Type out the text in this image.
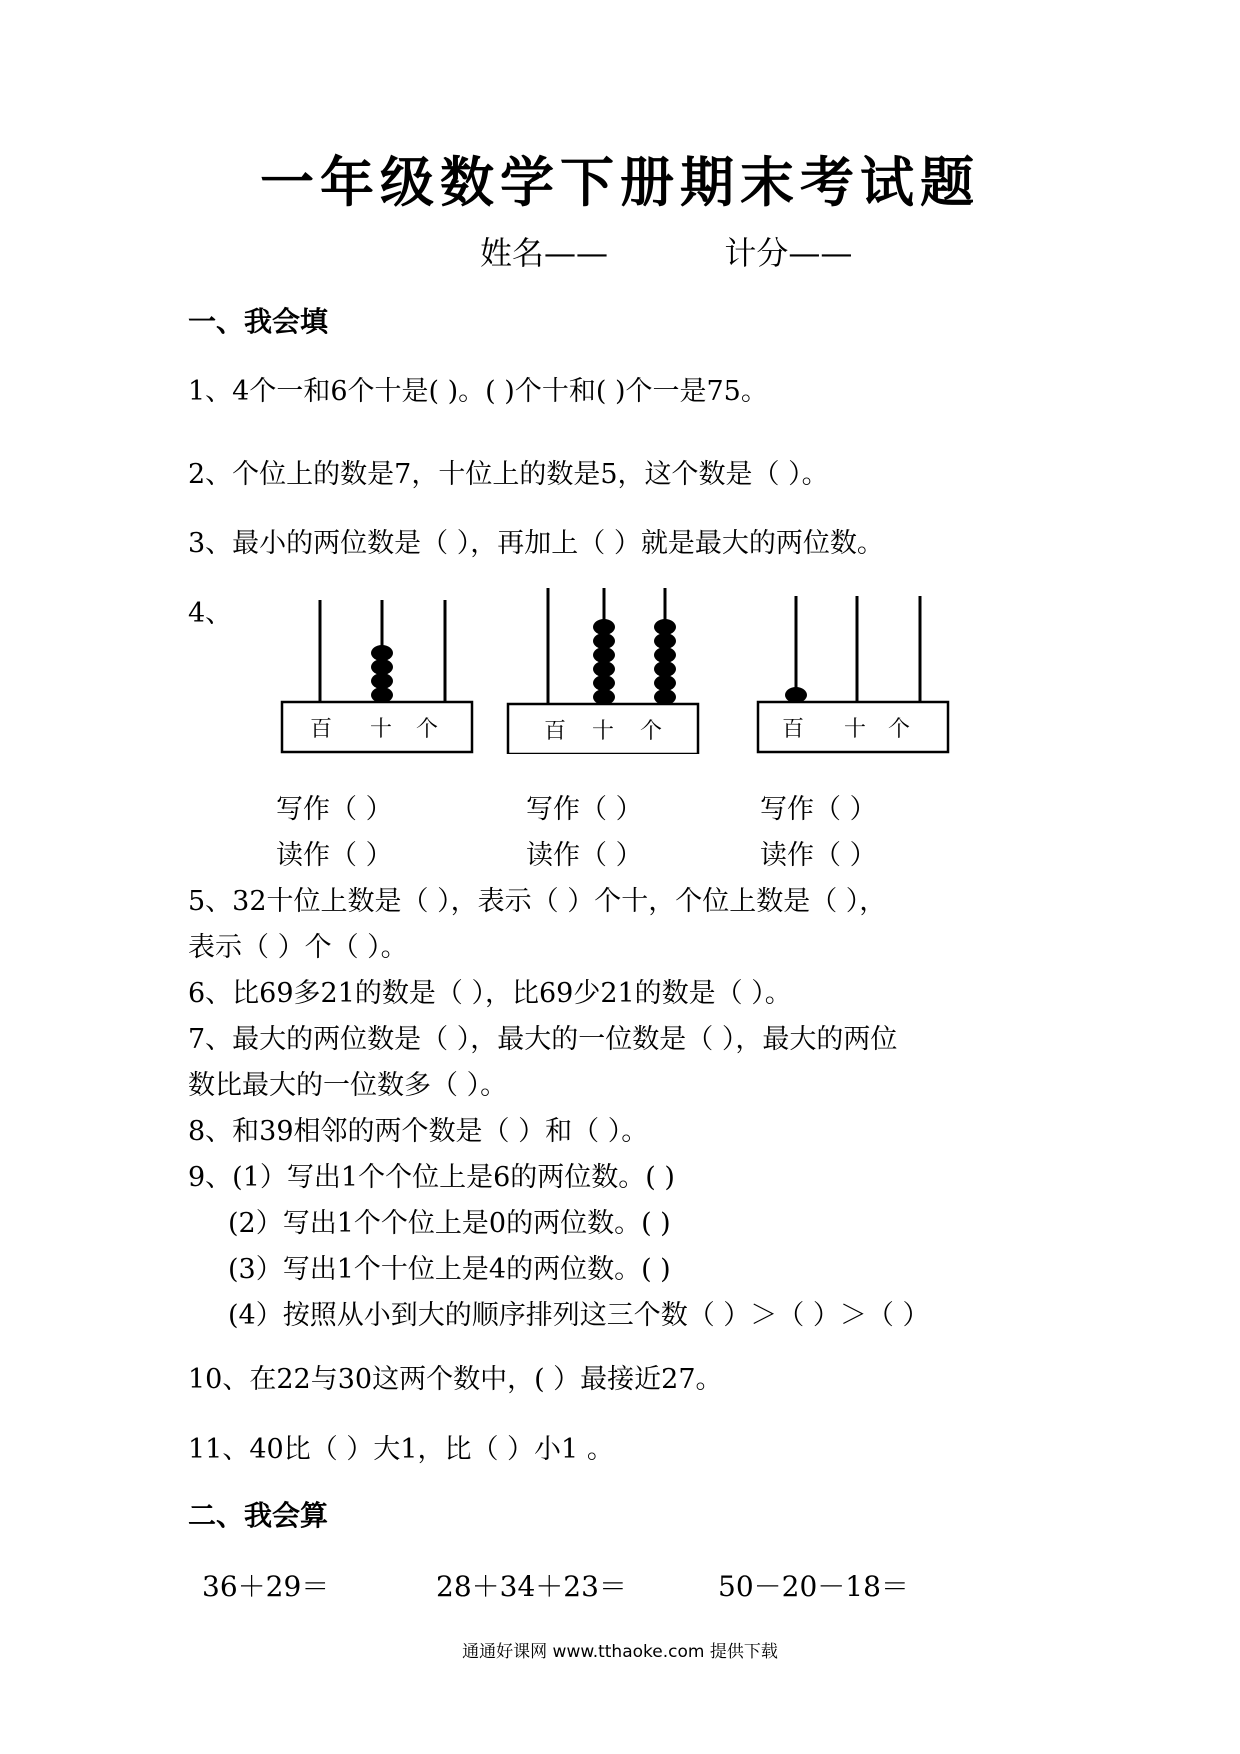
一年级数学下册期末考试题
姓名——	计分——
一、我会填
1、4个一和6个十是( )。( )个十和( )个一是75。
2、个位上的数是7，十位上的数是5，这个数是（ ）。
3、最小的两位数是（ ），再加上（ ）就是最大的两位数。
4、
百 十 个	百 十 个	百 十 个
写作（ ）	写作（ ）	写作（ ）
读作（ ）	读作（ ）	读作（ ）
5、32十位上数是（ ），表示（ ）个十，个位上数是（ ），
表示（ ）个（ ）。
6、比69多21的数是（ ），比69少21的数是（ ）。
7、最大的两位数是（ ），最大的一位数是（ ），最大的两位
数比最大的一位数多（ ）。
8、和39相邻的两个数是（ ）和（ ）。
9、(1）写出1个个位上是6的两位数。( )
(2）写出1个个位上是0的两位数。( )
(3）写出1个十位上是4的两位数。( )
(4）按照从小到大的顺序排列这三个数（ ）＞（ ）＞（ ）
10、在22与30这两个数中，( ）最接近27。
11、40比（ ）大1，比（ ）小1 。
二、我会算
36＋29＝	28＋34＋23＝	50－20－18＝
通通好课网 www.tthaoke.com 提供下载
